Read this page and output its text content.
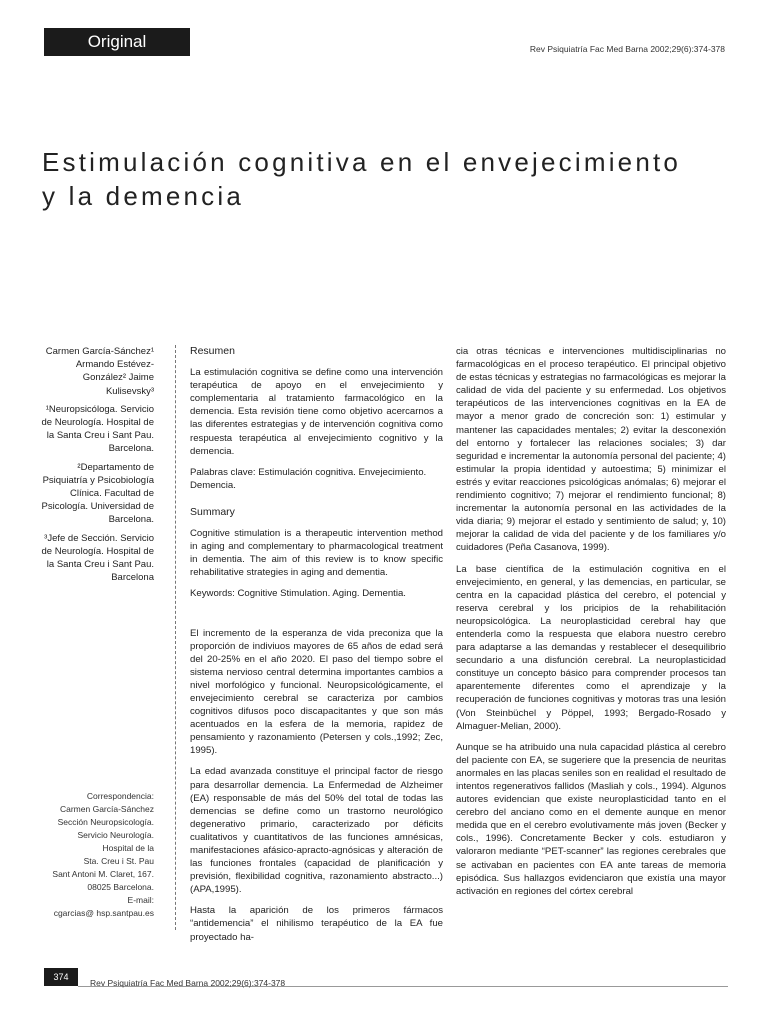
Original	Rev Psiquiatría Fac Med Barna 2002;29(6):374-378
Estimulación cognitiva en el envejecimiento
y la demencia

Carmen García-Sánchez¹ Armando Estévez-González² Jaime Kulisevsky³

¹Neuropsicóloga. Servicio de Neurología. Hospital de la Santa Creu i Sant Pau. Barcelona.

²Departamento de Psiquiatría y Psicobiología Clínica. Facultad de Psicología. Universidad de Barcelona.

³Jefe de Sección. Servicio de Neurología. Hospital de la Santa Creu i Sant Pau. Barcelona

Correspondencia:
Carmen García-Sánchez
Sección Neuropsicología.
Servicio Neurología.
Hospital de la
Sta. Creu i St. Pau
Sant Antoni M. Claret, 167.
08025 Barcelona.
E-mail:
cgarcias@ hsp.santpau.es
Resumen

La estimulación cognitiva se define como una intervención terapéutica de apoyo en el envejecimiento y complementaria al tratamiento farmacológico en la demencia. Esta revisión tiene como objetivo acercarnos a las diferentes estrategias y de intervención cognitiva como respuesta terapéutica al envejecimiento cognitivo y la demencia.

Palabras clave: Estimulación cognitiva. Envejecimiento. Demencia.

Summary

Cognitive stimulation is a therapeutic intervention method in aging and complementary to pharmacological treatment in dementia. The aim of this review is to know specific rehabilitative strategies in aging and dementia.

Keywords: Cognitive Stimulation. Aging. Dementia.

El incremento de la esperanza de vida preconiza que la proporción de indiviuos mayores de 65 años de edad será del 20-25% en el año 2020. El paso del tiempo sobre el sistema nervioso central determina importantes cambios a nivel morfológico y funcional. Neuropsicológicamente, el envejecimiento cerebral se caracteriza por cambios cognitivos difusos poco discapacitantes y que son más acentuados en la esfera de la memoria, rapidez de pensamiento y razonamiento (Petersen y cols.,1992; Zec, 1995).

La edad avanzada constituye el principal factor de riesgo para desarrollar demencia. La Enfermedad de Alzheimer (EA) responsable de más del 50% del total de todas las demencias se define como un trastorno neurológico degenerativo primario, caracterizado por déficits cualitativos y cuantitativos de las funciones amnésicas, manifestaciones afásico-apracto-agnósicas y alteración de las funciones frontales (capacidad de planificación y previsión, flexibilidad cognitiva, razonamiento abstracto...) (APA,1995).

Hasta la aparición de los primeros fármacos “antidemencia” el nihilismo terapéutico de la EA fue proyectado ha-

cia otras técnicas e intervenciones multidisciplinarias no farmacológicas en el proceso terapéutico. El principal objetivo de estas técnicas y estrategias no farmacológicas es mejorar la calidad de vida del paciente y su enfermedad. Los objetivos terapéuticos de las intervenciones cognitivas en la EA de mayor a menor grado de concreción son: 1) estimular y mantener las capacidades mentales; 2) evitar la desconexión del entorno y fortalecer las relaciones sociales; 3) dar seguridad e incrementar la autonomía personal del paciente; 4) estimular la propia identidad y autoestima; 5) minimizar el estrés y evitar reacciones psicológicas anómalas; 6) mejorar el rendimiento cognitivo; 7) mejorar el rendimiento funcional; 8) incrementar la autonomía personal en las actividades de la vida diaria; 9) mejorar el estado y sentimiento de salud; y, 10) mejorar la calidad de vida del paciente y de los familiares y/o cuidadores (Peña Casanova, 1999).

La base científica de la estimulación cognitiva en el envejecimiento, en general, y las demencias, en particular, se centra en la capacidad plástica del cerebro, el potencial y reserva cerebral y los pricipios de la rehabilitación neuropsicológica. La neuroplasticidad cerebral hay que entenderla como la respuesta que elabora nuestro cerebro para adaptarse a las demandas y restablecer el desequilibrio secundario a una disfunción cerebral. La neuroplasticidad constituye un concepto básico para comprender procesos tan aparentemente diferentes como el aprendizaje y la recuperación de funciones cognitivas y motoras tras una lesión (Von Steinbüchel y Pöppel, 1993; Bergado-Rosado y Almaguer-Melian, 2000).

Aunque se ha atribuido una nula capacidad plástica al cerebro del paciente con EA, se sugeriere que la presencia de neuritas anormales en las placas seniles son en realidad el resultado de intentos regenerativos fallidos (Masliah y cols., 1994). Algunos autores evidencian que existe neuroplasticidad tanto en el cerebro del anciano como en el demente aunque en menor medida que en el cerebro evolutivamente más joven (Becker y cols., 1996). Concretamente Becker y cols. estudiaron y valoraron mediante “PET-scanner” las regiones cerebrales que se activaban en pacientes con EA ante tareas de memoria episódica. Sus hallazgos evidenciaron que existía una mayor activación en regiones del córtex cerebral

374
Rev Psiquiatría Fac Med Barna 2002;29(6):374-378
